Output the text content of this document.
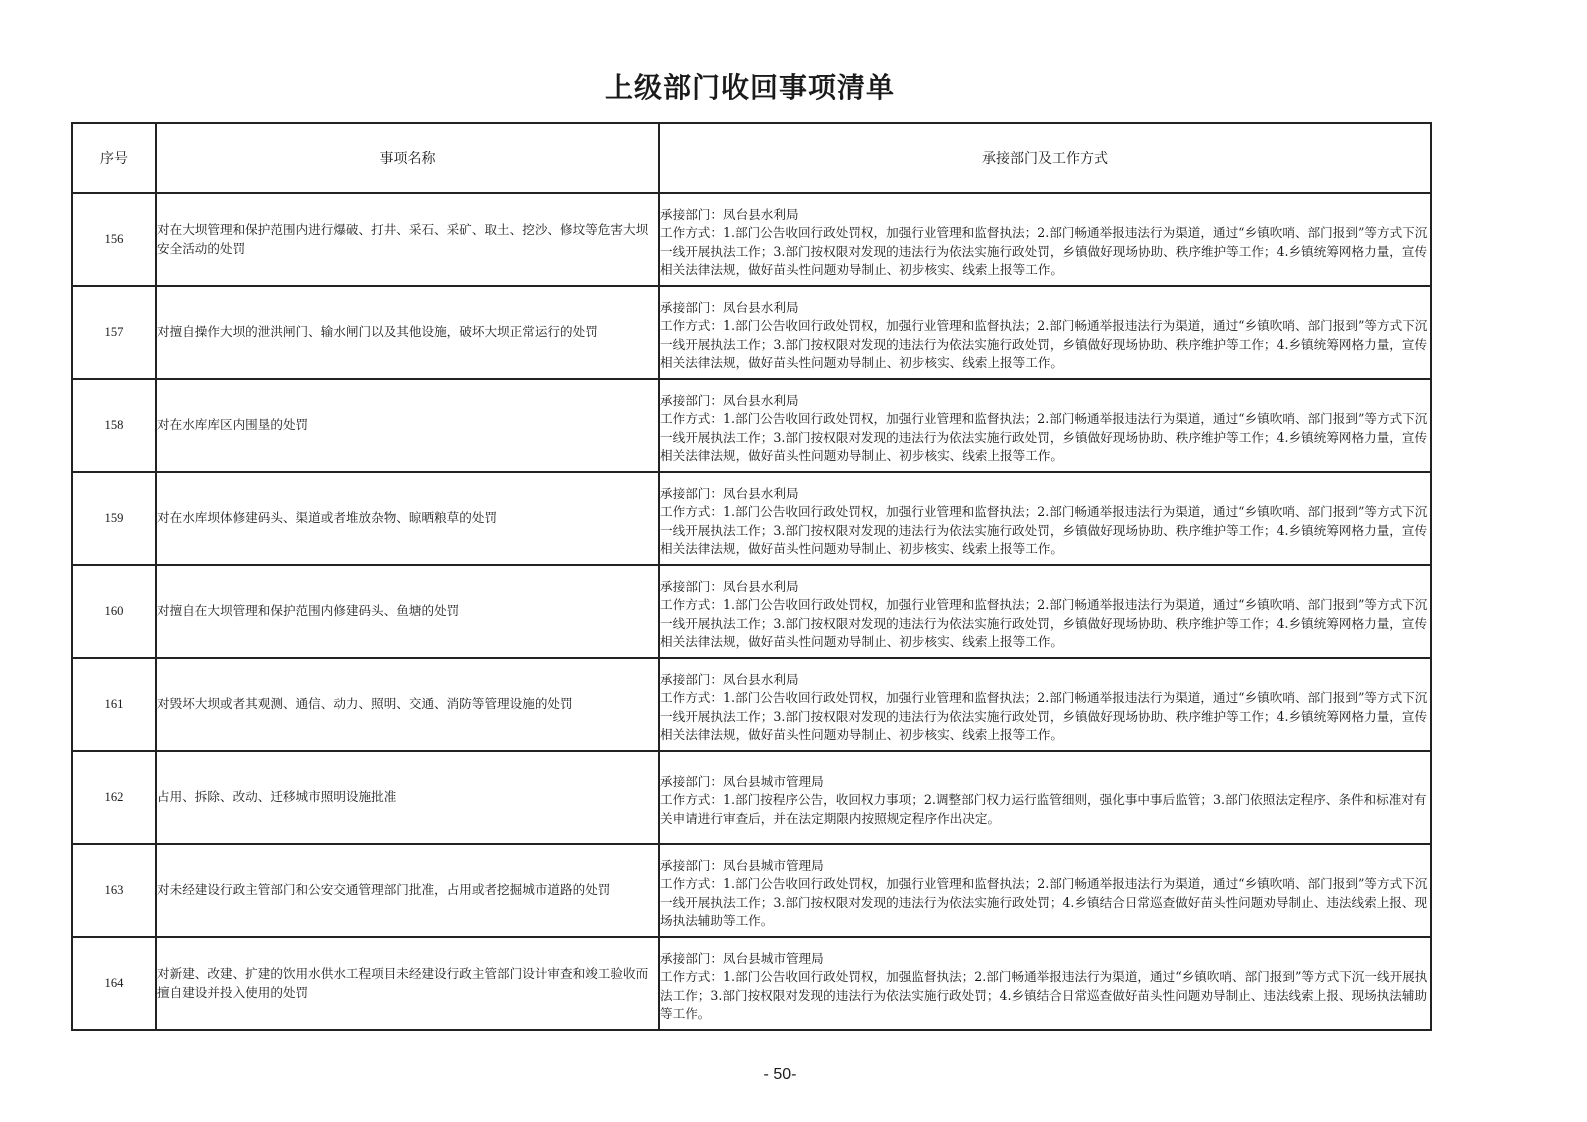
上级部门收回事项清单
序号	事项名称	承接部门及工作方式
156	对在大坝管理和保护范围内进行爆破、打井、采石、采矿、取土、挖沙、修坟等危害大坝安全活动的处罚	承接部门：凤台县水利局
工作方式：1.部门公告收回行政处罚权，加强行业管理和监督执法；2.部门畅通举报违法行为渠道，通过“乡镇吹哨、部门报到”等方式下沉一线开展执法工作；3.部门按权限对发现的违法行为依法实施行政处罚，乡镇做好现场协助、秩序维护等工作；4.乡镇统筹网格力量，宣传相关法律法规，做好苗头性问题劝导制止、初步核实、线索上报等工作。

157	对擅自操作大坝的泄洪闸门、输水闸门以及其他设施，破坏大坝正常运行的处罚	承接部门：凤台县水利局
工作方式：1.部门公告收回行政处罚权，加强行业管理和监督执法；2.部门畅通举报违法行为渠道，通过“乡镇吹哨、部门报到”等方式下沉一线开展执法工作；3.部门按权限对发现的违法行为依法实施行政处罚，乡镇做好现场协助、秩序维护等工作；4.乡镇统筹网格力量，宣传相关法律法规，做好苗头性问题劝导制止、初步核实、线索上报等工作。

158	对在水库库区内围垦的处罚	承接部门：凤台县水利局
工作方式：1.部门公告收回行政处罚权，加强行业管理和监督执法；2.部门畅通举报违法行为渠道，通过“乡镇吹哨、部门报到”等方式下沉一线开展执法工作；3.部门按权限对发现的违法行为依法实施行政处罚，乡镇做好现场协助、秩序维护等工作；4.乡镇统筹网格力量，宣传相关法律法规，做好苗头性问题劝导制止、初步核实、线索上报等工作。

159	对在水库坝体修建码头、渠道或者堆放杂物、晾晒粮草的处罚	承接部门：凤台县水利局
工作方式：1.部门公告收回行政处罚权，加强行业管理和监督执法；2.部门畅通举报违法行为渠道，通过“乡镇吹哨、部门报到”等方式下沉一线开展执法工作；3.部门按权限对发现的违法行为依法实施行政处罚，乡镇做好现场协助、秩序维护等工作；4.乡镇统筹网格力量，宣传相关法律法规，做好苗头性问题劝导制止、初步核实、线索上报等工作。

160	对擅自在大坝管理和保护范围内修建码头、鱼塘的处罚	承接部门：凤台县水利局
工作方式：1.部门公告收回行政处罚权，加强行业管理和监督执法；2.部门畅通举报违法行为渠道，通过“乡镇吹哨、部门报到”等方式下沉一线开展执法工作；3.部门按权限对发现的违法行为依法实施行政处罚，乡镇做好现场协助、秩序维护等工作；4.乡镇统筹网格力量，宣传相关法律法规，做好苗头性问题劝导制止、初步核实、线索上报等工作。

161	对毁坏大坝或者其观测、通信、动力、照明、交通、消防等管理设施的处罚	承接部门：凤台县水利局
工作方式：1.部门公告收回行政处罚权，加强行业管理和监督执法；2.部门畅通举报违法行为渠道，通过“乡镇吹哨、部门报到”等方式下沉一线开展执法工作；3.部门按权限对发现的违法行为依法实施行政处罚，乡镇做好现场协助、秩序维护等工作；4.乡镇统筹网格力量，宣传相关法律法规，做好苗头性问题劝导制止、初步核实、线索上报等工作。

162	占用、拆除、改动、迁移城市照明设施批准	承接部门：凤台县城市管理局
工作方式：1.部门按程序公告，收回权力事项；2.调整部门权力运行监管细则，强化事中事后监管；3.部门依照法定程序、条件和标准对有关申请进行审查后，并在法定期限内按照规定程序作出决定。

163	对未经建设行政主管部门和公安交通管理部门批准，占用或者挖掘城市道路的处罚	承接部门：凤台县城市管理局
工作方式：1.部门公告收回行政处罚权，加强行业管理和监督执法；2.部门畅通举报违法行为渠道，通过“乡镇吹哨、部门报到”等方式下沉一线开展执法工作；3.部门按权限对发现的违法行为依法实施行政处罚；4.乡镇结合日常巡查做好苗头性问题劝导制止、违法线索上报、现场执法辅助等工作。

164	对新建、改建、扩建的饮用水供水工程项目未经建设行政主管部门设计审查和竣工验收而擅自建设并投入使用的处罚	承接部门：凤台县城市管理局
工作方式：1.部门公告收回行政处罚权，加强监督执法；2.部门畅通举报违法行为渠道，通过“乡镇吹哨、部门报到”等方式下沉一线开展执法工作；3.部门按权限对发现的违法行为依法实施行政处罚；4.乡镇结合日常巡查做好苗头性问题劝导制止、违法线索上报、现场执法辅助等工作。
- 50-
